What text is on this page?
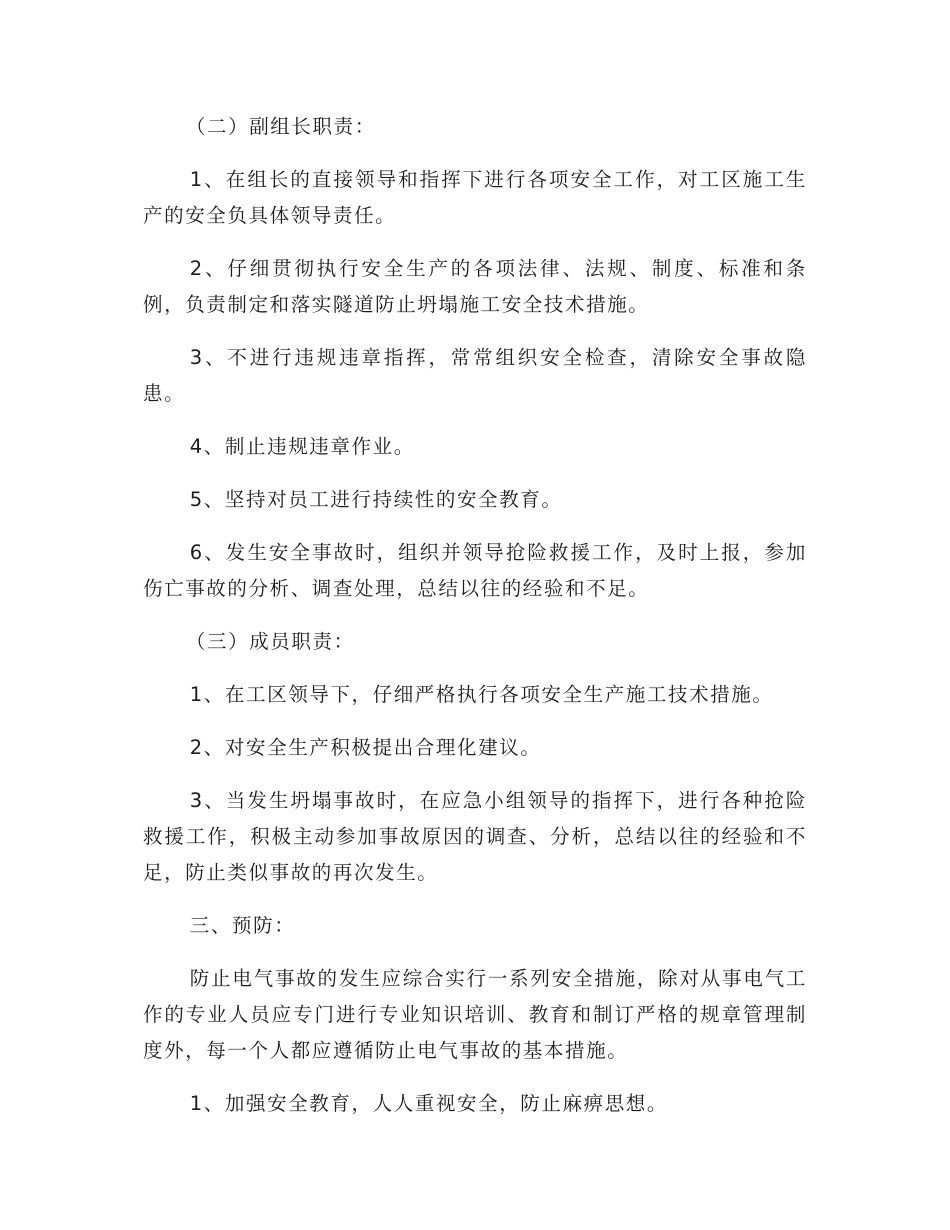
（二）副组长职责：

1、在组长的直接领导和指挥下进行各项安全工作，对工区施工生产的安全负具体领导责任。

2、仔细贯彻执行安全生产的各项法律、法规、制度、标准和条例，负责制定和落实隧道防止坍塌施工安全技术措施。

3、不进行违规违章指挥，常常组织安全检查，清除安全事故隐患。

4、制止违规违章作业。

5、坚持对员工进行持续性的安全教育。

6、发生安全事故时，组织并领导抢险救援工作，及时上报，参加伤亡事故的分析、调查处理，总结以往的经验和不足。

（三）成员职责：

1、在工区领导下，仔细严格执行各项安全生产施工技术措施。

2、对安全生产积极提出合理化建议。

3、当发生坍塌事故时，在应急小组领导的指挥下，进行各种抢险救援工作，积极主动参加事故原因的调查、分析，总结以往的经验和不足，防止类似事故的再次发生。

三、预防：

防止电气事故的发生应综合实行一系列安全措施，除对从事电气工作的专业人员应专门进行专业知识培训、教育和制订严格的规章管理制度外，每一个人都应遵循防止电气事故的基本措施。

1、加强安全教育，人人重视安全，防止麻痹思想。
